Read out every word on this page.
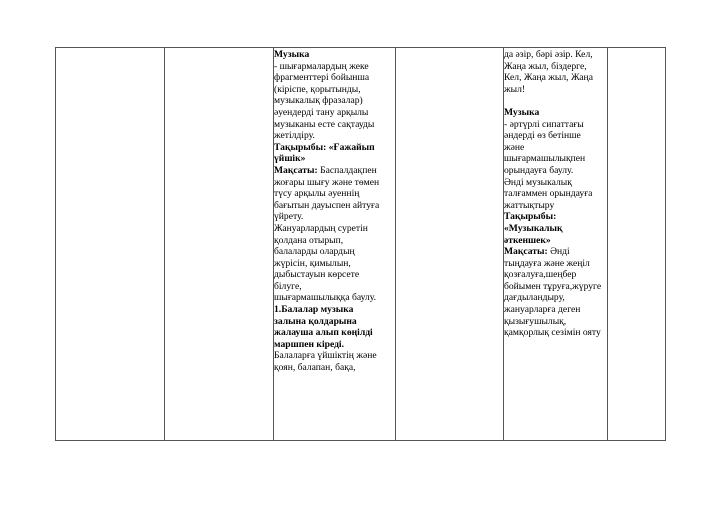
Музыка
- шығармалардың жеке
фрагменттері бойынша
(кіріспе, қорытынды,
музыкалық фразалар)
әуендерді тану арқылы
музыканы есте сақтауды
жетілдіру.
Тақырыбы: «Ғажайып
үйшік»
Мақсаты: Баспалдақпен
жоғары шығу және төмен
түсу арқылы әуеннің
бағытын дауыспен айтуға
үйрету.
Жануарлардың суретін
қолдана отырып,
балаларды олардың
жүрісін, қимылын,
дыбыстауын көрсете
білуге,
шығармашылыққа баулу.
1.Балалар музыка
залына қолдарына
жалауша алып көңілді
маршпен кіреді.
Балаларға үйшіктің және
қоян, балапан, бақа,
да әзір, бәрі әзір. Кел,
Жаңа жыл, біздерге,
Кел, Жаңа жыл, Жаңа
жыл!
Музыка
- әртүрлі сипаттағы
әндерді өз бетінше
және
шығармашылықпен
орындауға баулу.
Әнді музыкалық
талғаммен орындауға
жаттықтыру
Тақырыбы:
«Музыкалық
әткеншек»
Мақсаты: Әнді
тыңдауға және жеңіл
қозғалуға,шеңбер
бойымен тұруға,жүруге
дағдыландыру,
жануарларға деген
қызығушылық,
қамқорлық сезімін ояту
